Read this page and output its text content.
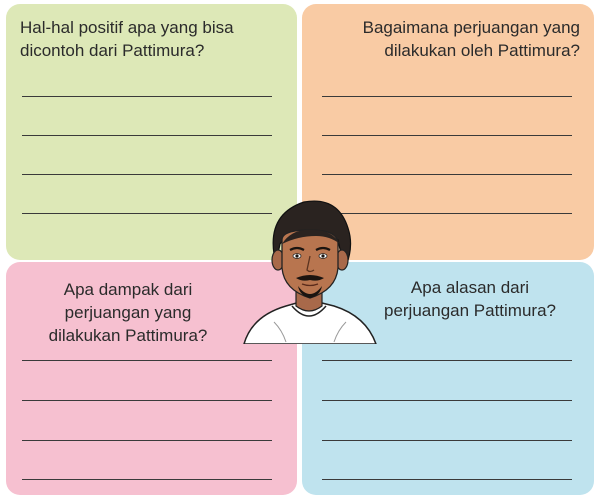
Hal-hal positif apa yang bisa
dicontoh dari Pattimura?

Bagaimana perjuangan yang
dilakukan oleh Pattimura?

Apa dampak dari
perjuangan yang
dilakukan Pattimura?

Apa alasan dari
perjuangan Pattimura?
